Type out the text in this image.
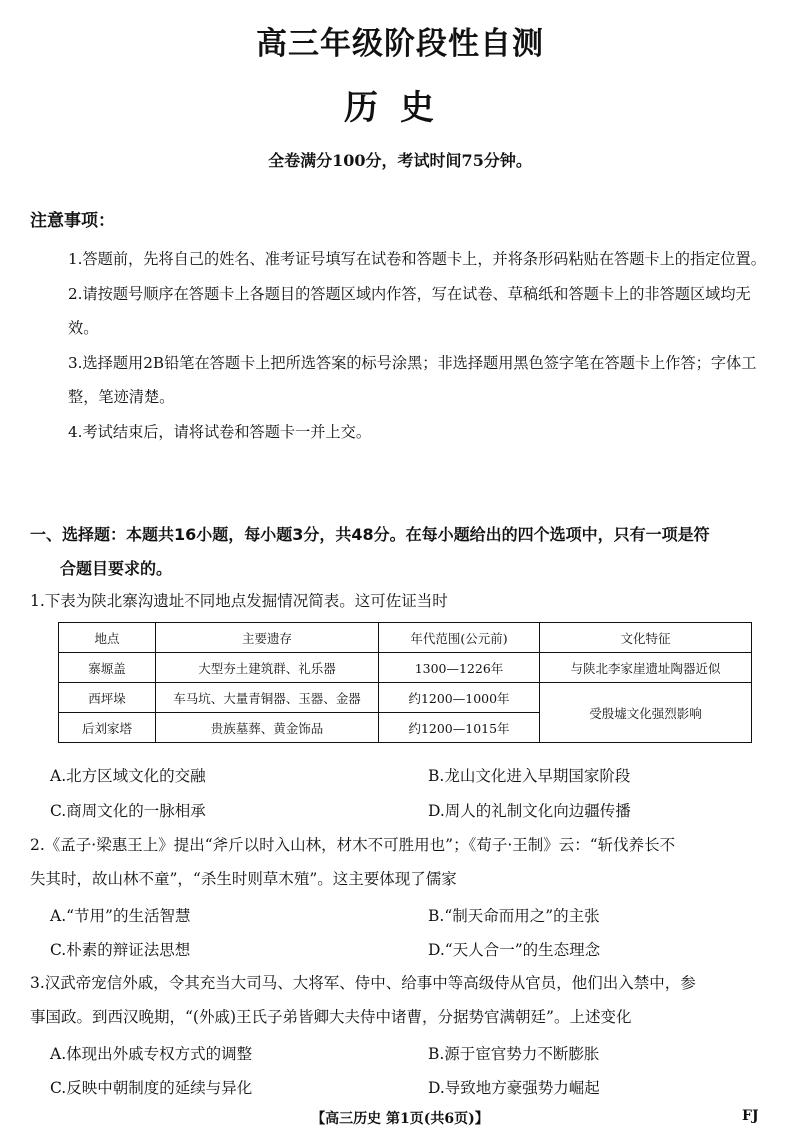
高三年级阶段性自测
历史
全卷满分100分，考试时间75分钟。
注意事项：
1.答题前，先将自己的姓名、准考证号填写在试卷和答题卡上，并将条形码粘贴在答题卡上的指定位置。
2.请按题号顺序在答题卡上各题目的答题区域内作答，写在试卷、草稿纸和答题卡上的非答题区域均无效。
3.选择题用2B铅笔在答题卡上把所选答案的标号涂黑；非选择题用黑色签字笔在答题卡上作答；字体工整，笔迹清楚。
4.考试结束后，请将试卷和答题卡一并上交。
一、选择题：本题共16小题，每小题3分，共48分。在每小题给出的四个选项中，只有一项是符
合题目要求的。
1.下表为陕北寨沟遗址不同地点发掘情况简表。这可佐证当时
地点	主要遗存	年代范围(公元前)	文化特征
寨塬盖	大型夯土建筑群、礼乐器	1300—1226年	与陕北李家崖遗址陶器近似
西坪垛	车马坑、大量青铜器、玉器、金器	约1200—1000年	受殷墟文化强烈影响
后刘家塔	贵族墓葬、黄金饰品	约1200—1015年	
A.北方区域文化的交融	B.龙山文化进入早期国家阶段
C.商周文化的一脉相承	D.周人的礼制文化向边疆传播
2.《孟子·梁惠王上》提出“斧斤以时入山林，材木不可胜用也”；《荀子·王制》云：“斩伐养长不
失其时，故山林不童”，“杀生时则草木殖”。这主要体现了儒家
A.“节用”的生活智慧	B.“制天命而用之”的主张
C.朴素的辩证法思想	D.“天人合一”的生态理念
3.汉武帝宠信外戚，令其充当大司马、大将军、侍中、给事中等高级侍从官员，他们出入禁中，参
事国政。到西汉晚期，“(外戚)王氏子弟皆卿大夫侍中诸曹，分据势官满朝廷”。上述变化
A.体现出外戚专权方式的调整	B.源于宦官势力不断膨胀
C.反映中朝制度的延续与异化	D.导致地方豪强势力崛起
【高三历史 第1页(共6页)】	FJ
